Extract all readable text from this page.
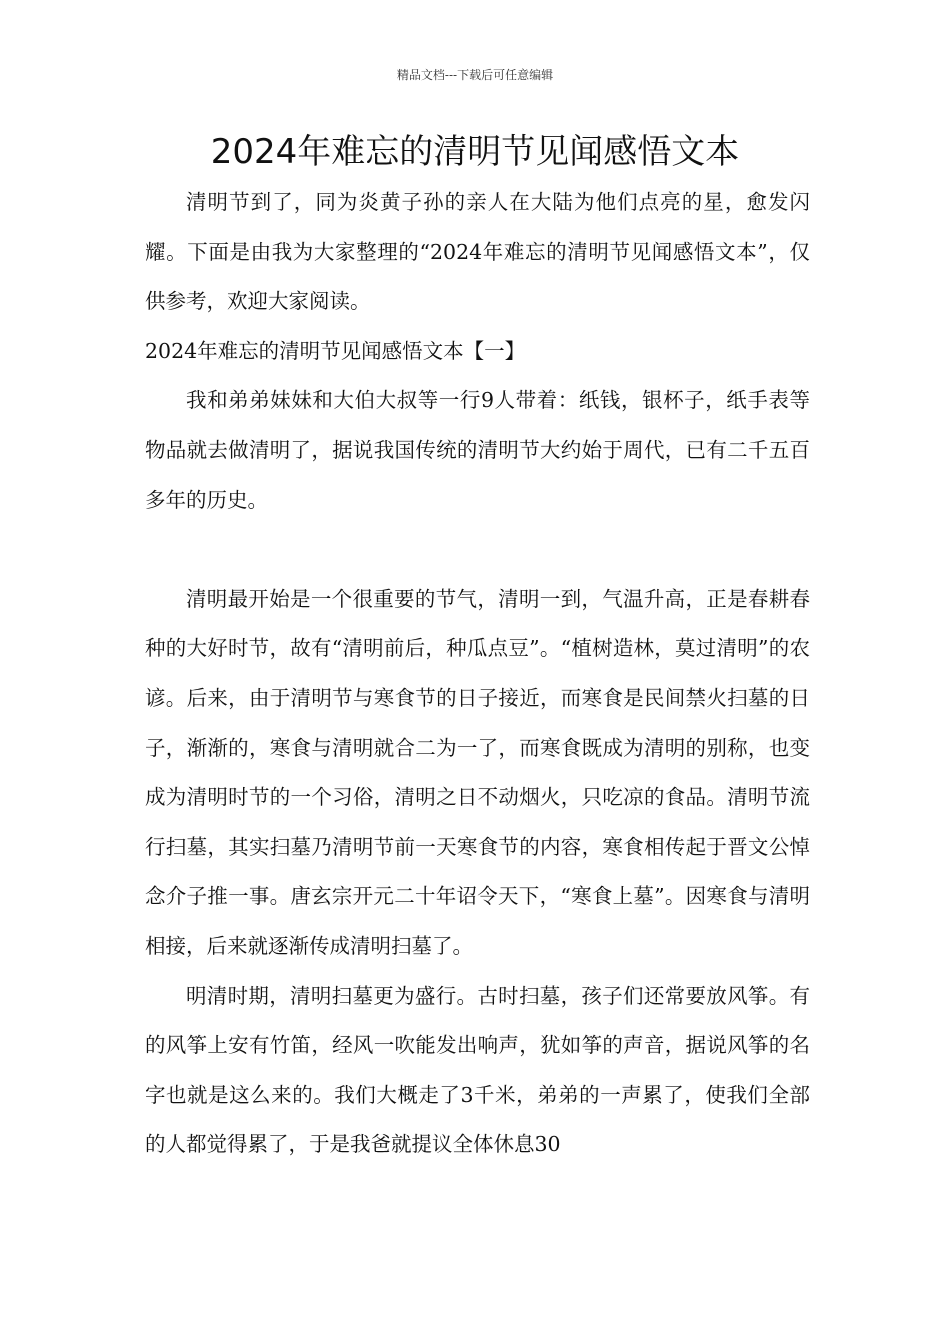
精品文档---下载后可任意编辑
2024年难忘的清明节见闻感悟文本

清明节到了，同为炎黄子孙的亲人在大陆为他们点亮的星，愈发闪耀。下面是由我为大家整理的“2024年难忘的清明节见闻感悟文本”，仅供参考，欢迎大家阅读。

2024年难忘的清明节见闻感悟文本【一】

我和弟弟妹妹和大伯大叔等一行9人带着：纸钱，银杯子，纸手表等物品就去做清明了，据说我国传统的清明节大约始于周代，已有二千五百多年的历史。

清明最开始是一个很重要的节气，清明一到，气温升高，正是春耕春种的大好时节，故有“清明前后，种瓜点豆”。“植树造林，莫过清明”的农谚。后来，由于清明节与寒食节的日子接近，而寒食是民间禁火扫墓的日子，渐渐的，寒食与清明就合二为一了，而寒食既成为清明的别称，也变成为清明时节的一个习俗，清明之日不动烟火，只吃凉的食品。清明节流行扫墓，其实扫墓乃清明节前一天寒食节的内容，寒食相传起于晋文公悼念介子推一事。唐玄宗开元二十年诏令天下，“寒食上墓”。因寒食与清明相接，后来就逐渐传成清明扫墓了。

明清时期，清明扫墓更为盛行。古时扫墓，孩子们还常要放风筝。有的风筝上安有竹笛，经风一吹能发出响声，犹如筝的声音，据说风筝的名字也就是这么来的。我们大概走了3千米，弟弟的一声累了，使我们全部的人都觉得累了，于是我爸就提议全体休息30
